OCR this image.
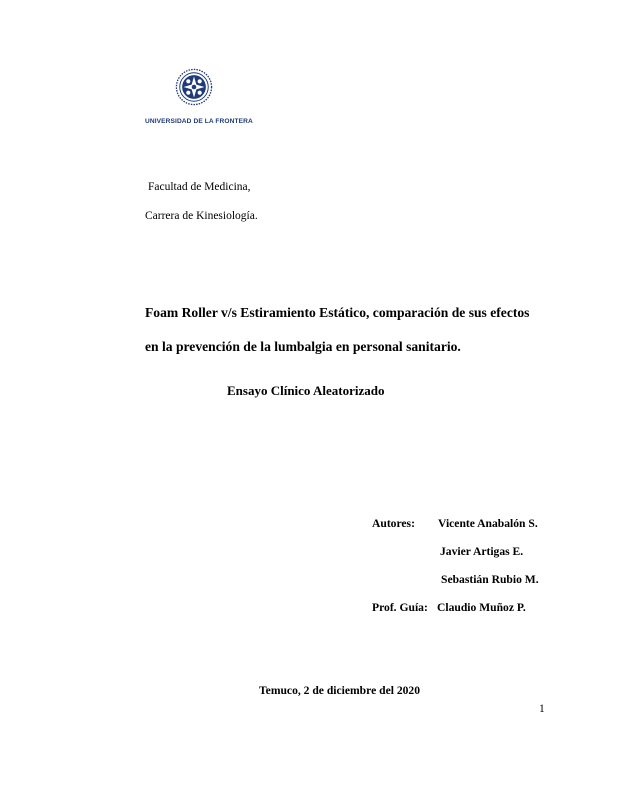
UNIVERSIDAD DE LA FRONTERA
Facultad de Medicina,
Carrera de Kinesiología.
Foam Roller v/s Estiramiento Estático, comparación de sus efectos
en la prevención de la lumbalgia en personal sanitario.
Ensayo Clínico Aleatorizado
Autores: Vicente Anabalón S.
Javier Artigas E.
Sebastián Rubio M.
Prof. Guía: Claudio Muñoz P.
Temuco, 2 de diciembre del 2020
1
